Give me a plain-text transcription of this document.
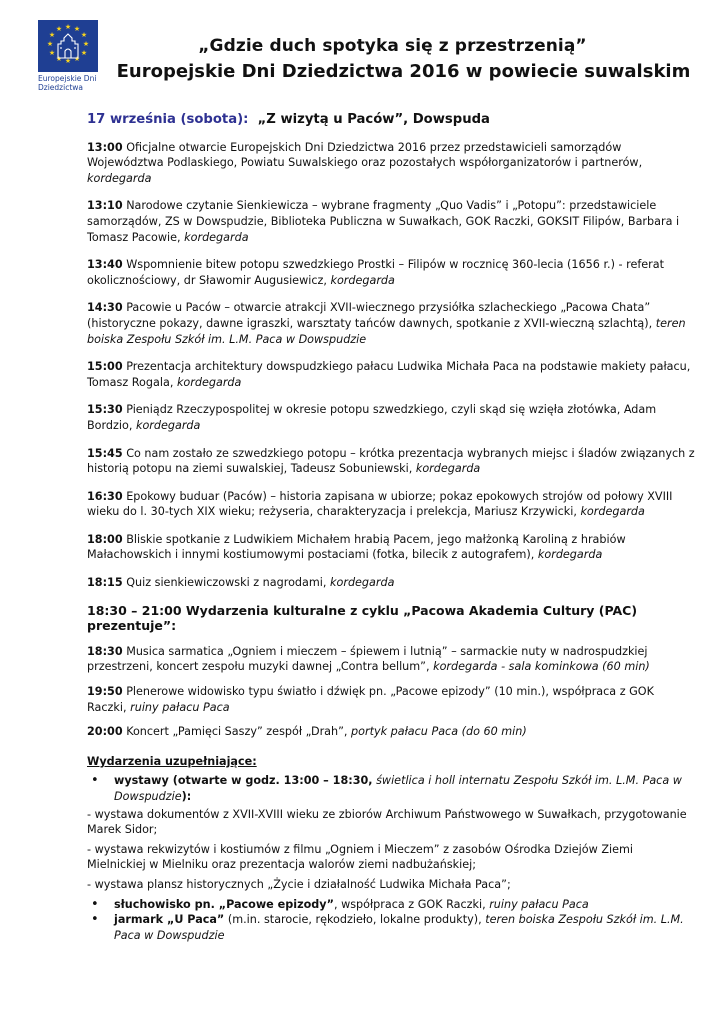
★ ★
★
★
★
★
★
★
★
★
★
★
Europejskie Dni
Dziedzictwa
„Gdzie duch spotyka się z przestrzenią”
Europejskie Dni Dziedzictwa 2016 w powiecie suwalskim
17 września (sobota): „Z wizytą u Paców”, Dowspuda

13:00 Oficjalne otwarcie Europejskich Dni Dziedzictwa 2016 przez przedstawicieli samorządów Województwa Podlaskiego, Powiatu Suwalskiego oraz pozostałych współorganizatorów i partnerów, kordegarda

13:10 Narodowe czytanie Sienkiewicza – wybrane fragmenty „Quo Vadis” i „Potopu”: przedstawiciele samorządów, ZS w Dowspudzie, Biblioteka Publiczna w Suwałkach, GOK Raczki, GOKSIT Filipów, Barbara i Tomasz Pacowie, kordegarda

13:40 Wspomnienie bitew potopu szwedzkiego Prostki – Filipów w rocznicę 360-lecia (1656 r.) - referat okolicznościowy, dr Sławomir Augusiewicz, kordegarda

14:30 Pacowie u Paców – otwarcie atrakcji XVII-wiecznego przysiółka szlacheckiego „Pacowa Chata” (historyczne pokazy, dawne igraszki, warsztaty tańców dawnych, spotkanie z XVII-wieczną szlachtą), teren boiska Zespołu Szkół im. L.M. Paca w Dowspudzie

15:00 Prezentacja architektury dowspudzkiego pałacu Ludwika Michała Paca na podstawie makiety pałacu, Tomasz Rogala, kordegarda

15:30 Pieniądz Rzeczypospolitej w okresie potopu szwedzkiego, czyli skąd się wzięła złotówka, Adam Bordzio, kordegarda

15:45 Co nam zostało ze szwedzkiego potopu – krótka prezentacja wybranych miejsc i śladów związanych z historią potopu na ziemi suwalskiej, Tadeusz Sobuniewski, kordegarda

16:30 Epokowy buduar (Paców) – historia zapisana w ubiorze; pokaz epokowych strojów od połowy XVIII wieku do l. 30-tych XIX wieku; reżyseria, charakteryzacja i prelekcja, Mariusz Krzywicki, kordegarda

18:00 Bliskie spotkanie z Ludwikiem Michałem hrabią Pacem, jego małżonką Karoliną z hrabiów Małachowskich i innymi kostiumowymi postaciami (fotka, bilecik z autografem), kordegarda

18:15 Quiz sienkiewiczowski z nagrodami, kordegarda

18:30 – 21:00 Wydarzenia kulturalne z cyklu „Pacowa Akademia Cultury (PAC) prezentuje”:

18:30 Musica sarmatica „Ogniem i mieczem – śpiewem i lutnią” – sarmackie nuty w nadrospudzkiej przestrzeni, koncert zespołu muzyki dawnej „Contra bellum”, kordegarda - sala kominkowa (60 min)

19:50 Plenerowe widowisko typu światło i dźwięk pn. „Pacowe epizody” (10 min.), współpraca z GOK Raczki, ruiny pałacu Paca

20:00 Koncert „Pamięci Saszy” zespół „Drah”, portyk pałacu Paca (do 60 min)

Wydarzenia uzupełniające:
• wystawy (otwarte w godz. 13:00 – 18:30, świetlica i holl internatu Zespołu Szkół im. L.M. Paca w Dowspudzie):

- wystawa dokumentów z XVII-XVIII wieku ze zbiorów Archiwum Państwowego w Suwałkach, przygotowanie Marek Sidor;

- wystawa rekwizytów i kostiumów z filmu „Ogniem i Mieczem” z zasobów Ośrodka Dziejów Ziemi Mielnickiej w Mielniku oraz prezentacja walorów ziemi nadbużańskiej;

- wystawa plansz historycznych „Życie i działalność Ludwika Michała Paca”;

• słuchowisko pn. „Pacowe epizody”, współpraca z GOK Raczki, ruiny pałacu Paca
• jarmark „U Paca” (m.in. starocie, rękodzieło, lokalne produkty), teren boiska Zespołu Szkół im. L.M. Paca w Dowspudzie
